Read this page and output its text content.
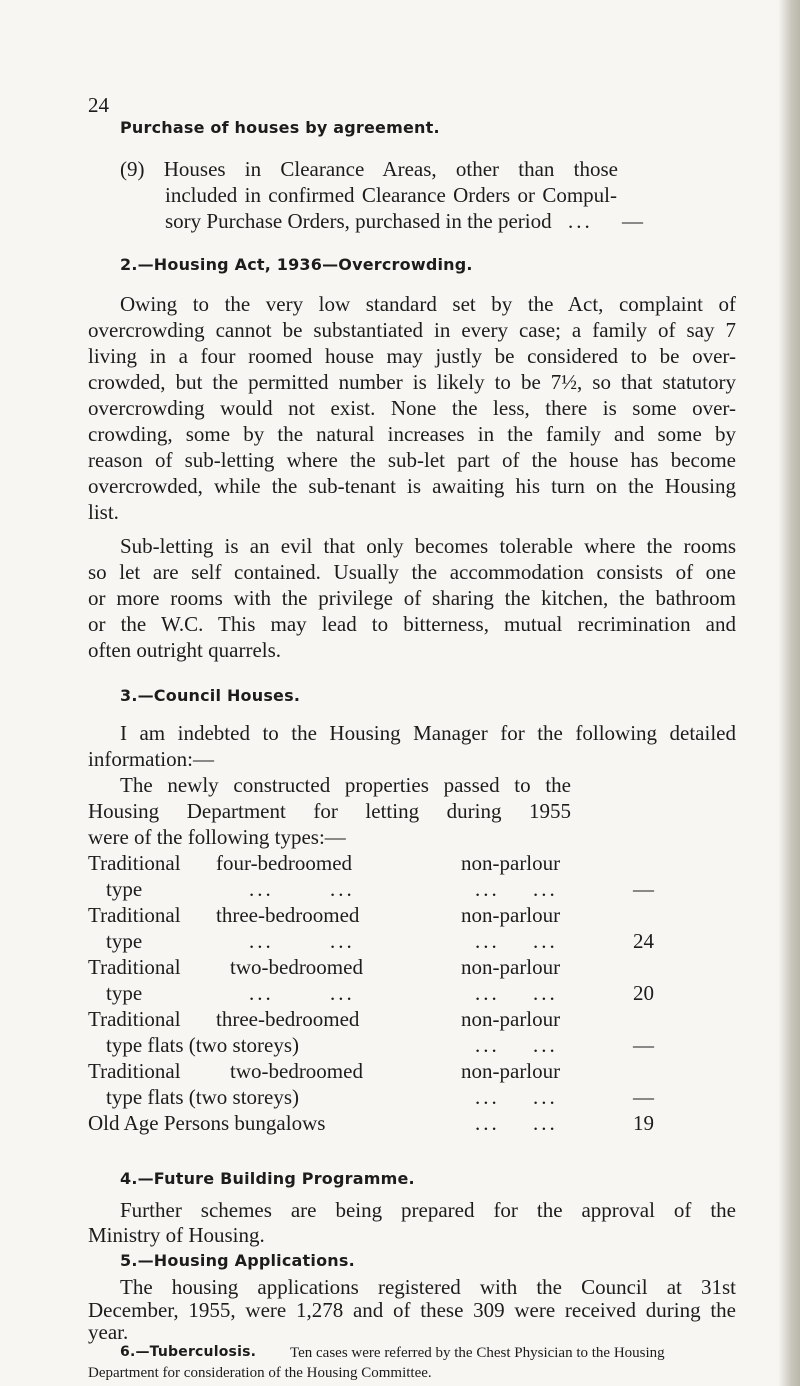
24
Purchase of houses by agreement.
(9) Houses in Clearance Areas, other than those
included in confirmed Clearance Orders or Compul-
sory Purchase Orders, purchased in the period ... —
2.—Housing Act, 1936—Overcrowding.
Owing to the very low standard set by the Act, complaint of
overcrowding cannot be substantiated in every case; a family of say 7
living in a four roomed house may justly be considered to be over-
crowded, but the permitted number is likely to be 7½, so that statutory
overcrowding would not exist. None the less, there is some over-
crowding, some by the natural increases in the family and some by
reason of sub-letting where the sub-let part of the house has become
overcrowded, while the sub-tenant is awaiting his turn on the Housing
list.
Sub-letting is an evil that only becomes tolerable where the rooms
so let are self contained. Usually the accommodation consists of one
or more rooms with the privilege of sharing the kitchen, the bathroom
or the W.C. This may lead to bitterness, mutual recrimination and
often outright quarrels.
3.—Council Houses.
I am indebted to the Housing Manager for the following detailed
information:—
The newly constructed properties passed to the
Housing Department for letting during 1955
were of the following types:—
Traditional four-bedroomed	non-parlour
type	...	...	... ...	—
Traditional three-bedroomed	non-parlour
type	...	...	... ...	24
Traditional two-bedroomed	non-parlour
type	...	...	... ...	20
Traditional three-bedroomed	non-parlour
type flats (two storeys)	... ...	—
Traditional two-bedroomed	non-parlour
type flats (two storeys)	... ...	—
Old Age Persons bungalows	... ...	19
4.—Future Building Programme.
Further schemes are being prepared for the approval of the
Ministry of Housing.
5.—Housing Applications.
The housing applications registered with the Council at 31st
December, 1955, were 1,278 and of these 309 were received during the
year.
6.—Tuberculosis. Ten cases were referred by the Chest Physician to the Housing
Department for consideration of the Housing Committee.
